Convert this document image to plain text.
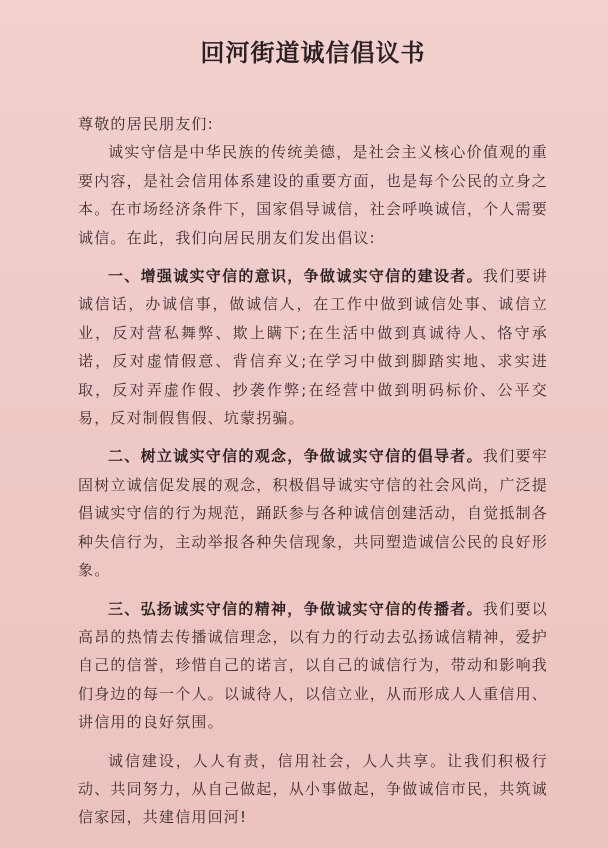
回河街道诚信倡议书

尊敬的居民朋友们:

诚实守信是中华民族的传统美德，是社会主义核心价值观的重要内容，是社会信用体系建设的重要方面，也是每个公民的立身之本。在市场经济条件下，国家倡导诚信，社会呼唤诚信，个人需要诚信。在此，我们向居民朋友们发出倡议:

一、增强诚实守信的意识，争做诚实守信的建设者。我们要讲诚信话，办诚信事，做诚信人，在工作中做到诚信处事、诚信立业，反对营私舞弊、欺上瞒下;在生活中做到真诚待人、恪守承诺，反对虚情假意、背信弃义;在学习中做到脚踏实地、求实进取，反对弄虚作假、抄袭作弊;在经营中做到明码标价、公平交易，反对制假售假、坑蒙拐骗。

二、树立诚实守信的观念，争做诚实守信的倡导者。我们要牢固树立诚信促发展的观念，积极倡导诚实守信的社会风尚，广泛提倡诚实守信的行为规范，踊跃参与各种诚信创建活动，自觉抵制各种失信行为，主动举报各种失信现象，共同塑造诚信公民的良好形象。

三、弘扬诚实守信的精神，争做诚实守信的传播者。我们要以高昂的热情去传播诚信理念，以有力的行动去弘扬诚信精神，爱护自己的信誉，珍惜自己的诺言，以自己的诚信行为，带动和影响我们身边的每一个人。以诚待人，以信立业，从而形成人人重信用、讲信用的良好氛围。

诚信建设，人人有责，信用社会，人人共享。让我们积极行动、共同努力，从自己做起，从小事做起，争做诚信市民，共筑诚信家园，共建信用回河!
